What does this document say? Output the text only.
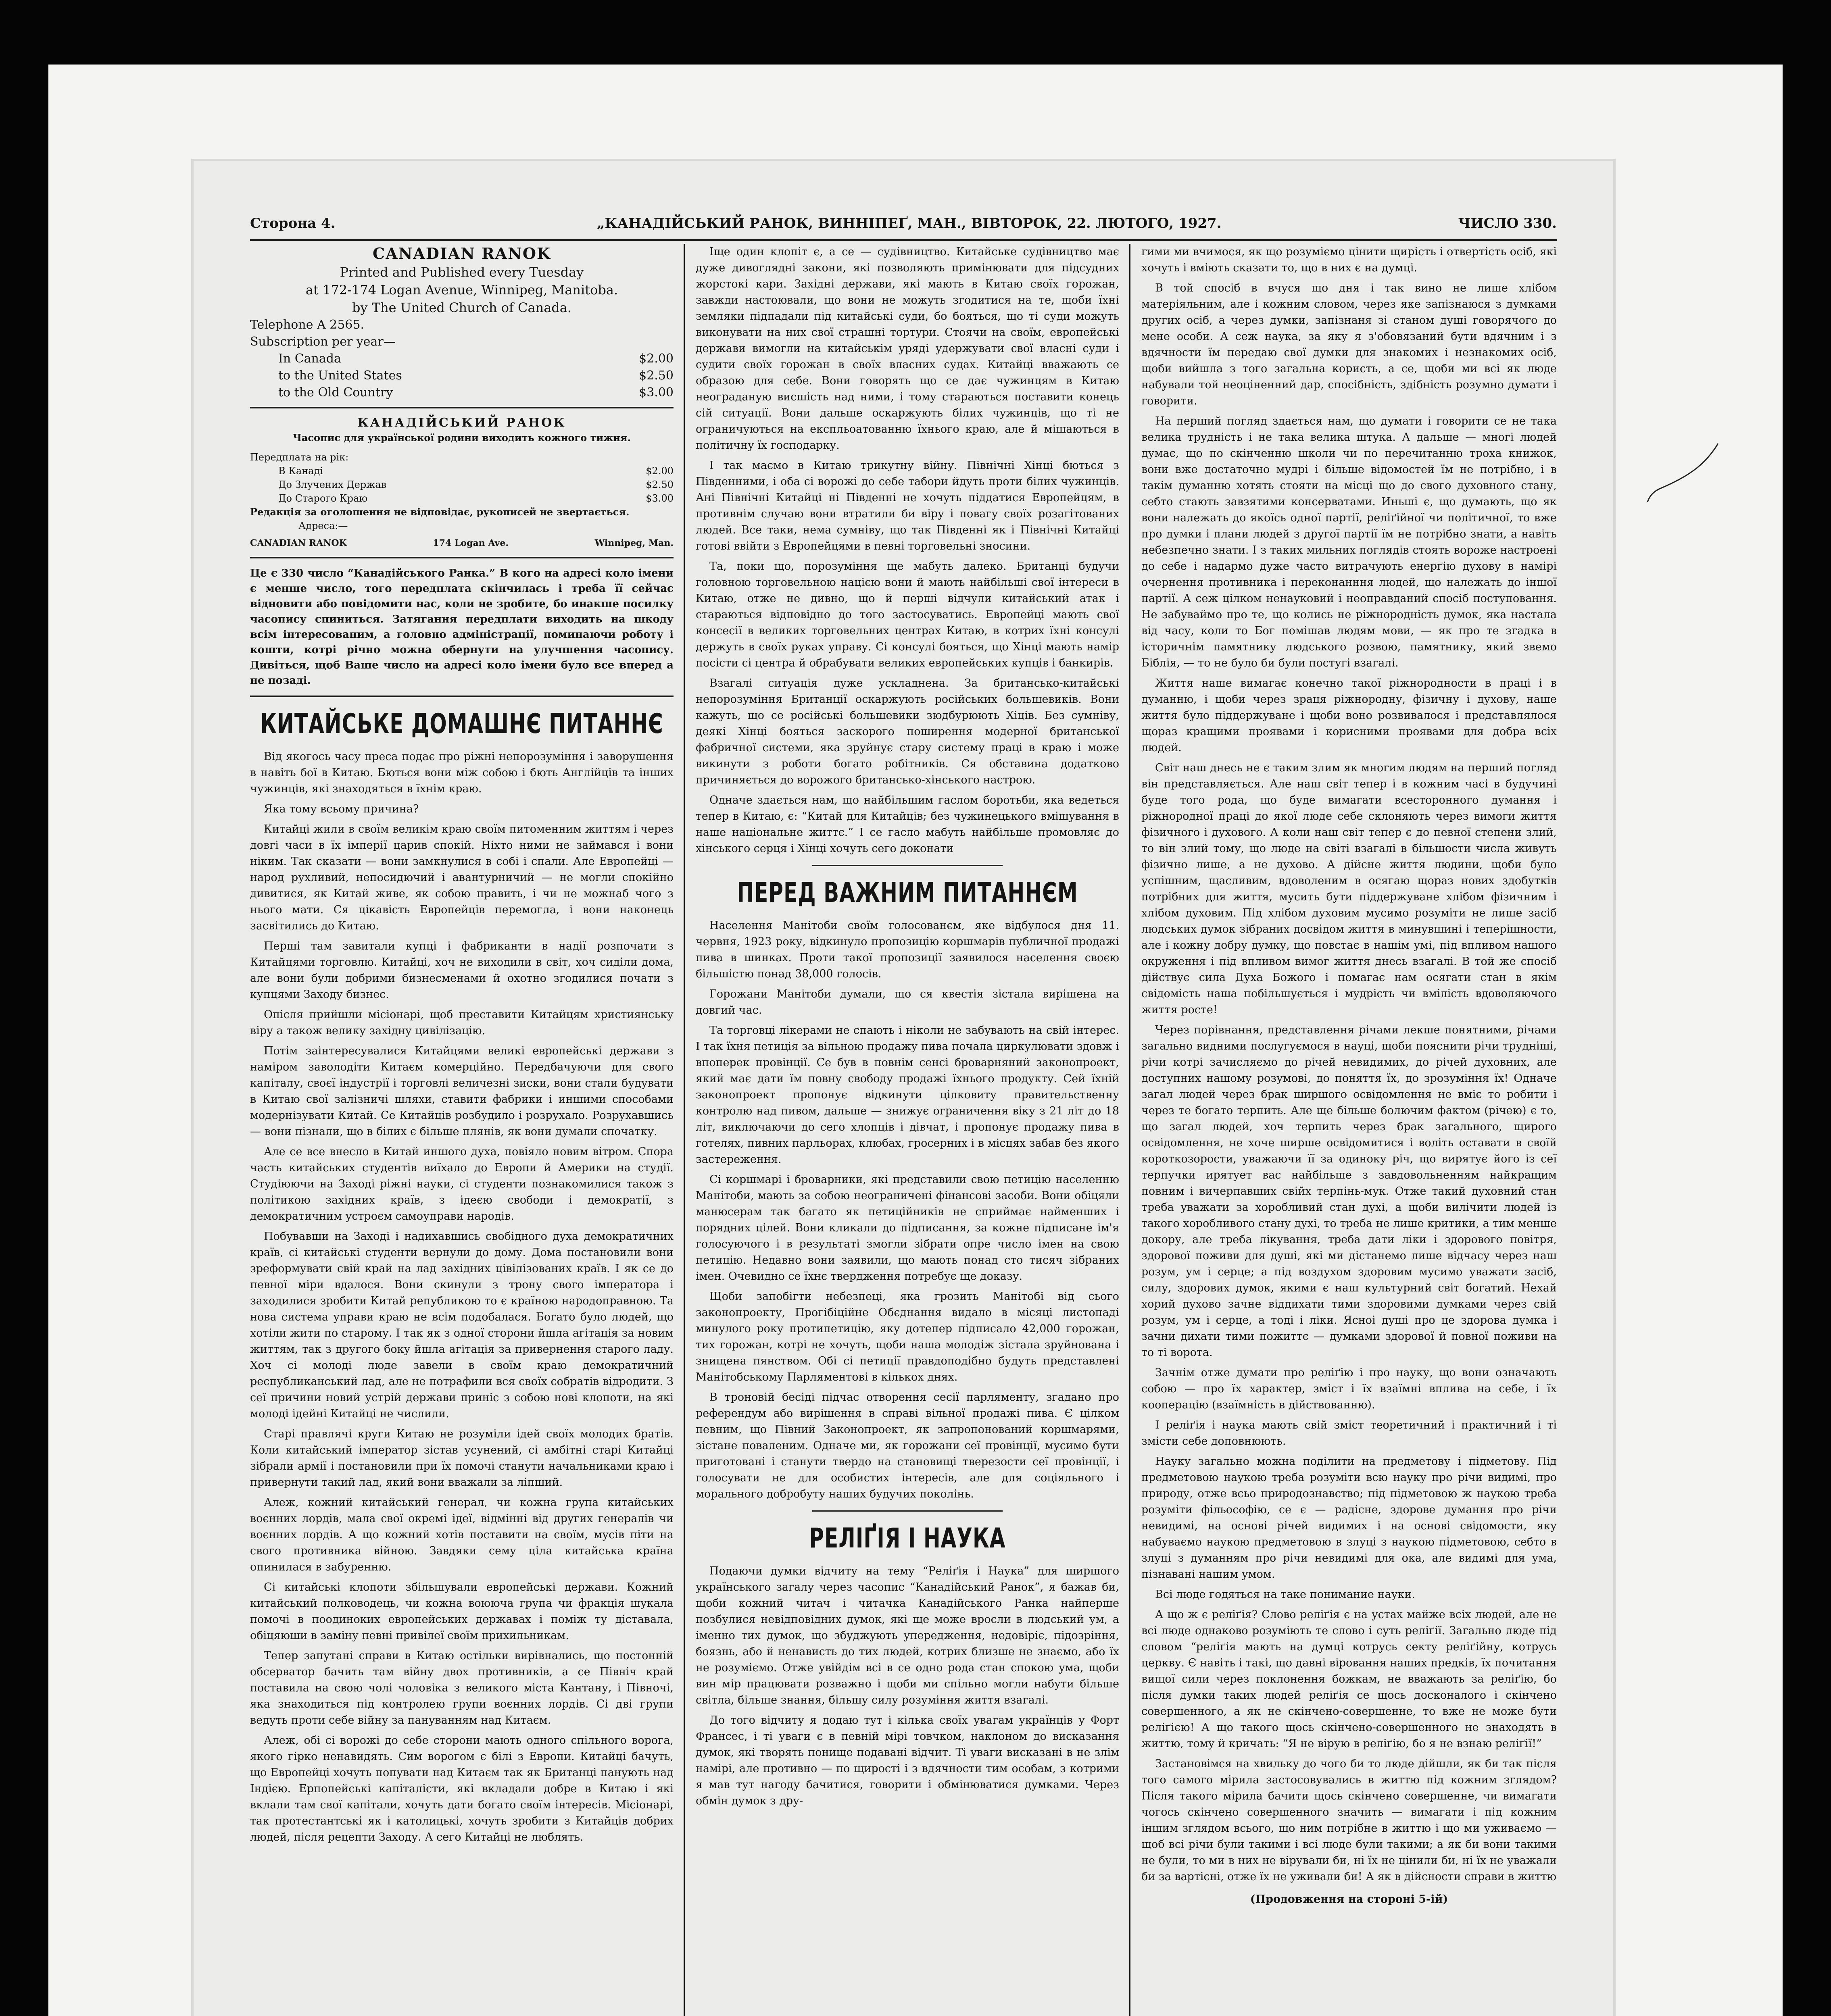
Сторона 4.	„КАНАДІЙСЬКИЙ РАНОК, ВИННІПЕҐ, МАН., ВІВТОРОК, 22. ЛЮТОГО, 1927.	ЧИСЛО 330.
CANADIAN RANOK
Printed and Published every Tuesday
at 172-174 Logan Avenue, Winnipeg, Manitoba.
by The United Church of Canada.
Telephone A 2565.
Subscription per year—
In Canada	$2.00
to the United States	$2.50
to the Old Country	$3.00
КАНАДІЙСЬКИЙ РАНОК
Часопис для української родини виходить кожного тижня.
Передплата на рік:
В Канаді	$2.00
До Злучених Держав	$2.50
До Старого Краю	$3.00
Редакція за оголошення не відповідає, рукописей не звертається.
Адреса:—
CANADIAN RANOK	174 Logan Ave.	Winnipeg, Man.
Це є 330 число “Канадійського Ранка.” В кого на адресі коло імени є менше число, того передплата скінчилась і треба її сейчас відновити або повідомити нас, коли не зробите, бо инакше посилку часопису спиниться. Затягання передплати виходить на шкоду всім інтересованим, а головно адміністрації, поминаючи роботу і кошти, котрі річно можна обернути на улучшення часопису. Дивіться, щоб Ваше число на адресі коло імени було все вперед а не позаді.
КИТАЙСЬКЕ ДОМАШНЄ ПИТАННЄ

Від якогось часу преса подає про ріжні непорозуміння і заворушення в навіть бої в Китаю. Бються вони між собою і бють Англійців та інших чужинців, які знаходяться в їхнім краю.

Яка тому всьому причина?

Китайці жили в своїм великім краю своїм питоменним життям і через довгі часи в їх імперії царив спокій. Ніхто ними не займався і вони ніким. Так сказати — вони замкнулися в собі і спали. Але Европейці — народ рухливий, непосидючий і авантурничий — не могли спокійно дивитися, як Китай живе, як собою править, і чи не можнаб чого з нього мати. Ся цікавість Европейців перемогла, і вони наконець засвітились до Китаю.

Перші там завитали купці і фабриканти в надії розпочати з Китайцями торговлю. Китайці, хоч не виходили в світ, хоч сиділи дома, але вони були добрими бизнесменами й охотно згодилися почати з купцями Заходу бизнес.

Опісля прийшли місіонарі, щоб преставити Китайцям християнську віру а також велику західну цивілізацію.

Потім заінтересувалися Китайцями великі европейські держави з наміром заволодіти Китаєм комерційно. Передбачуючи для свого капіталу, своєї індустрії і торговлі величезні зиски, вони стали будувати в Китаю свої залізничі шляхи, ставити фабрики і иншими способами модернізувати Китай. Се Китайців розбудило і розрухало. Розрухавшись — вони пізнали, що в білих є більше плянів, як вони думали спочатку.

Але се все внесло в Китай иншого духа, повіяло новим вітром. Спора часть китайських студентів виїхало до Европи й Америки на студії. Студіюючи на Заході ріжні науки, сі студенти познакомилися також з політикою західних країв, з ідеєю свободи і демократії, з демократичним устроєм самоуправи народів.

Побувавши на Заході і надихавшись свобідного духа демократичних країв, сі китайські студенти вернули до дому. Дома постановили вони зреформувати свій край на лад західних цівілізованих країв. І як се до певної міри вдалося. Вони скинули з трону свого імператора і заходилися зробити Китай републикою то є країною народоправною. Та нова система управи краю не всім подобалася. Богато було людей, що хотіли жити по старому. І так як з одної сторони йшла агітація за новим життям, так з другого боку йшла агітація за привернення старого ладу. Хоч сі молоді люде завели в своїм краю демократичний республиканський лад, але не потрафили вся своїх собратів відродити. З сеї причини новий устрій держави приніс з собою нові клопоти, на які молоді ідейні Китайці не числили.

Старі правлячі круги Китаю не розуміли ідей своїх молодих братів. Коли китайський імператор зістав усунений, сі амбітні старі Китайці зібрали армії і постановили при їх помочі станути начальниками краю і привернути такий лад, який вони вважали за ліпший.

Алеж, кожний китайський генерал, чи кожна група китайських воєнних лордів, мала свої окремі ідеї, відмінні від других генералів чи воєнних лордів. А що кожний хотів поставити на своїм, мусів піти на свого противника війною. Завдяки сему ціла китайська країна опинилася в забуренню.

Сі китайські клопоти збільшували европейські держави. Кожний китайський полководець, чи кожна воююча група чи фракція шукала помочі в поодиноких европейських державах і поміж ту діставала, обіцяюши в заміну певні привілеї своїм прихильникам.

Тепер запутані справи в Китаю остільки вирівнались, що постонній обсерватор бачить там війну двох противників, а се Північ край поставила на свою чолі чоловіка з великого міста Кантану, і Півночі, яка знаходиться під контролею групи воєнних лордів. Сі дві групи ведуть проти себе війну за пануванням над Китаєм.

Алеж, обі сі ворожі до себе сторони мають одного спільного ворога, якого гірко ненавидять. Сим ворогом є білі з Европи. Китайці бачуть, що Европейці хочуть попувати над Китаєм так як Британці панують над Індією. Ерпопейські капіталісти, які вкладали добре в Китаю і які вклали там свої капітали, хочуть дати богато своїм інтересів. Місіонарі, так протестантські як і католицькі, хочуть зробити з Китайців добрих людей, після рецепти Заходу. А сего Китайці не люблять.

Іще один клопіт є, а се — судівництво. Китайське судівництво має дуже дивоглядні закони, які позволяють примінювати для підсудних жорстокі кари. Західні держави, які мають в Китаю своїх горожан, завжди настоювали, що вони не можуть згодитися на те, щоби їхні земляки підпадали під китайські суди, бо бояться, що ті суди можуть виконувати на них свої страшні тортури. Стоячи на своїм, европейські держави вимогли на китайськім уряді удержувати свої власні суди і судити своїх горожан в своїх власних судах. Китайці вважають се образою для себе. Вони говорять що се дає чужинцям в Китаю неограданую висшість над ними, і тому стараються поставити конець сій ситуації. Вони дальше оскаржують білих чужинців, що ті не ограничуються на експльоатованню їхнього краю, але й мішаються в політичну їх господарку.

І так маємо в Китаю трикутну війну. Північні Хінці бються з Південними, і оба сі ворожі до себе табори йдуть проти білих чужинців. Ані Північні Китайці ні Південні не хочуть піддатися Европейцям, в противнім случаю вони втратили би віру і повагу своїх розагітованих людей. Все таки, нема сумніву, що так Південні як і Північні Китайці готові ввійти з Европейцями в певні торговельні зносини.

Та, поки що, порозуміння ще мабуть далеко. Британці будучи головною торговельною нацією вони й мають найбільші свої інтереси в Китаю, отже не дивно, що й перші відчули китайський атак і стараються відповідно до того застосуватись. Европейці мають свої консесії в великих торговельних центрах Китаю, в котрих їхні консулі держуть в своїх руках управу. Сі консулі бояться, що Хінці мають намір посісти сі центра й обрабувати великих европейських купців і банкирів.

Взагалі ситуація дуже ускладнена. За британсько-китайські непорозуміння Британції оскаржують російських большевиків. Вони кажуть, що се російські большевики зюдбурюють Хіців. Без сумніву, деякі Хінці бояться заскорого поширення модерної британської фабричної системи, яка зруйнує стару систему праці в краю і може викинути з роботи богато робітників. Ся обставина додатково причиняється до ворожого британсько-хінського настрою.

Одначе здається нам, що найбільшим гаслом боротьби, яка ведеться тепер в Китаю, є: “Китай для Китайців; без чужинецького вмішування в наше національне життє.” І се гасло мабуть найбільше промовляє до хінського серця і Хінці хочуть сего доконати

ПЕРЕД ВАЖНИМ ПИТАННЄМ

Населення Манітоби своїм голосованєм, яке відбулося дня 11. червня, 1923 року, відкинуло пропозицію коршмарів публичної продажі пива в шинках. Проти такої пропозиції заявилося населення своєю більшістю понад 38,000 голосів.

Горожани Манітоби думали, що ся квестія зістала вирішена на довгий час.

Та торговці лікерами не спають і ніколи не забувають на свій інтерес. І так їхня петиція за вільною продажу пива почала циркулювати здовж і впоперек провінції. Се був в повнім сенсі броварняний законопроект, який має дати їм повну свободу продажі їхнього продукту. Сей їхній законопроект пропонує відкинути цілковиту правительственну контролю над пивом, дальше — знижує ограничення віку з 21 літ до 18 літ, виключаючи до сего хлопців і дівчат, і пропонує продажу пива в готелях, пивних парльорах, клюбах, гросерних і в місцях забав без якого застереження.

Сі коршмарі і броварники, які представили свою петицію населенню Манітоби, мають за собою неограничені фінансові засоби. Вони обіцяли манюсерам так багато як петиційників не сприймає найменших і порядних цілей. Вони кликали до підписання, за кожне підписане ім'я голосуючого і в результаті змогли зібрати опре число імен на свою петицію. Недавно вони заявили, що мають понад сто тисяч зібраних імен. Очевидно се їхнє твердження потребує ще доказу.

Щоби запобігти небезпеці, яка грозить Манітобі від сього законопроекту, Прогібіційне Обєднання видало в місяці листопаді минулого року протипетицію, яку дотепер підписало 42,000 горожан, тих горожан, котрі не хочуть, щоби наша молодіж зістала зруйнована і знищена пянством. Обі сі петиції правдоподібно будуть представлені Манітобському Парляментові в кількох днях.

В троновій бесіді підчас отворення сесії парляменту, згадано про референдум або вирішення в справі вільної продажі пива. Є цілком певним, що Півний Законопроект, як запропонований коршмарями, зістане поваленим. Одначе ми, як горожани сеї провінції, мусимо бути приготовані і станути твердо на становищі тверезости сеї провінції, і голосувати не для особистих інтересів, але для соціяльного і морального добробуту наших будучих поколінь.

РЕЛІҐІЯ І НАУКА

Подаючи думки відчиту на тему “Реліґія і Наука” для ширшого українського загалу через часопис “Канадійський Ранок”, я бажав би, щоби кожний читач і читачка Канадійського Ранка найперше позбулися невідповідних думок, які ще може вросли в людський ум, а іменно тих думок, що збуджують упередження, недовіріє, підозріння, боязнь, або й ненависть до тих людей, котрих близше не знаємо, або їх не розуміємо. Отже увійдім всі в се одно рода стан спокою ума, щоби вин мір працювати розважно і щоби ми спільно могли набути більше світла, більше знання, більшу силу розуміння життя взагалі.

До того відчиту я додаю тут і кілька своїх увагам українців у Форт Франсес, і ті уваги є в певній мірі товчком, наклоном до висказання думок, які творять понище подавані відчит. Ті уваги висказані в не злім намірі, але противно — по щирості і з вдячности тим особам, з котрими я мав тут нагоду бачитися, говорити і обмінюватися думками. Через обмін думок з дру-

гими ми вчимося, як що розуміємо цінити щирість і отвертість осіб, які хочуть і вміють сказати то, що в них є на думці.

В той спосіб в вчуся що дня і так вино не лише хлібом матеріяльним, але і кожним словом, через яке запізнаюся з думками других осіб, а через думки, запізнаня зі станом душі говорячого до мене особи. А сеж наука, за яку я з'обовязаний бути вдячним і з вдячности їм передаю свої думки для знакомих і незнакомих осіб, щоби вийшла з того загальна користь, а се, щоби ми всі як люде набували той неоціненний дар, спосібність, здібність розумно думати і говорити.

На перший погляд здається нам, що думати і говорити се не така велика трудність і не така велика штука. А дальше — многі людей думає, що по скінченню школи чи по перечитанню троха книжок, вони вже достаточно мудрі і більше відомостей їм не потрібно, і в такім думанню хотять стояти на місці що до свого духовного стану, себто стають завзятими консерватами. Иньші є, що думають, що як вони належать до якоїсь одної партії, реліґійної чи політичної, то вже про думки і плани людей з другої партії їм не потрібно знати, а навіть небезпечно знати. І з таких мильних поглядів стоять вороже настроені до себе і надармо дуже часто витрачують енерґію духову в намірі очернення противника і переконанння людей, що належать до іншої партії. А сеж цілком ненауковий і неоправданий спосіб поступовання. Не забуваймо про те, що колись не ріжнородність думок, яка настала від часу, коли то Бог помішав людям мови, — як про те згадка в історичнім памятнику людського розвою, памятнику, який звемо Біблія, — то не було би були постугі взагалі.

Життя наше вимагає конечно такої ріжнородности в праці і в думанню, і щоби через зраця ріжнородну, фізичну і духову, наше життя було піддержуване і щоби воно розвивалося і представлялося щораз кращими проявами і корисними проявами для добра всіх людей.

Світ наш днесь не є таким злим як многим людям на перший погляд він представляється. Але наш світ тепер і в кожним часі в будучині буде того рода, що буде вимагати всесторонного думання і ріжнородної праці до якої люде себе склоняють через вимоги життя фізичного і духового. А коли наш світ тепер є до певної степени злий, то він злий тому, що люде на світі взагалі в більшости числа живуть фізично лише, а не духово. А дійсне життя людини, щоби було успішним, щасливим, вдоволеним в осягаю щораз нових здобутків потрібних для життя, мусить бути піддержуване хлібом фізичним і хлібом духовим. Під хлібом духовим мусимо розуміти не лише засіб людських думок зібраних досвідом життя в минувшині і теперішности, але і кожну добру думку, що повстає в нашім умі, під впливом нашого окруження і під впливом вимог життя днесь взагалі. В той же спосіб дійствує сила Духа Божого і помагає нам осягати стан в якім свідомість наша побільшується і мудрість чи вмілість вдоволяючого життя росте!

Через порівнання, представлення річами лекше понятними, річами загально видними послугуємося в науці, щоби пояснити річи трудніші, річи котрі зачисляємо до річей невидимих, до річей духовних, але доступних нашому розумові, до поняття їх, до зрозуміння їх! Одначе загал людей через брак ширшого освідомлення не вміє то робити і через те богато терпить. Але ще більше болючим фактом (річею) є то, що загал людей, хоч терпить через брак загального, щирого освідомлення, не хоче ширше освідомитися і воліть оставати в своїй короткозорости, уважаючи її за одиноку річ, що вирятує його із сеї терпучки ирятует вас найбільше з завдовольненням найкращим повним і вичерпавших свійх терпінь-мук. Отже такий духовний стан треба уважати за хоробливий стан духі, а щоби вилічити людей із такого хоробливого стану духі, то треба не лише критики, а тим менше докору, але треба лікування, треба дати ліки і здорового повітря, здорової поживи для душі, які ми дістанемо лише відчасу через наш розум, ум і серце; а під воздухом здоровим мусимо уважати засіб, силу, здорових думок, якими є наш культурний світ богатий. Нехай хорий духово зачне віддихати тими здоровими думками через свій розум, ум і серце, а тоді і ліки. Ясноі душі про це здорова думка і зачни дихати тими пожиттє — думками здорової й повної поживи на то ті ворота.

Зачнім отже думати про реліґію і про науку, що вони означають собою — про їх характер, зміст і їх взаїмні вплива на себе, і їх кооперацію (взаїмність в дійствованню).

І реліґія і наука мають свій зміст теоретичний і практичний і ті змісти себе доповнюють.

Науку загально можна поділити на предметову і підметову. Під предметовою наукою треба розуміти всю науку про річи видимі, про природу, отже всьо природознавство; під підметовою ж наукою треба розуміти фільософію, се є — радісне, здорове думання про річи невидимі, на основі річей видимих і на основі свідомости, яку набуваємо наукою предметовою в злуці з наукою підметовою, себто в злуці з думанням про річи невидимі для ока, але видимі для ума, пізнавані нашим умом.

Всі люде годяться на таке понимание науки.

А що ж є реліґія? Слово реліґія є на устах майже всіх людей, але не всі люде однаково розуміють те слово і суть реліґії. Загально люде під словом “реліґія мають на думці котрусь секту реліґійну, котрусь церкву. Є навіть і такі, що давні віровання наших предків, їх почитання вищої сили через поклонення божкам, не вважають за реліґію, бо після думки таких людей реліґія се щось досконалого і скінчено совершенного, а як не скінчено-совершенне, то вже не може бути реліґією! А що такого щось скінчено-совершенного не знаходять в життю, тому й кричать: “Я не вірую в реліґію, бо я не взнаю реліґії!”

Застановімся на хвильку до чого би то люде дійшли, як би так після того самого мірила застосовувались в життю під кожним зглядом? Після такого мірила бачити щось скінчено совершенне, чи вимагати чогось скінчено совершенного значить — вимагати і під кожним іншим зглядом всього, що ним потрібне в життю і що ми уживаємо — щоб всі річи були такими і всі люде були такими; а як би вони такими не були, то ми в них не вірували би, ні їх не цінили би, ні їх не уважали би за вартісні, отже їх не уживали би! А як в дійсности справи в життю

(Продовження на стороні 5-ій)
